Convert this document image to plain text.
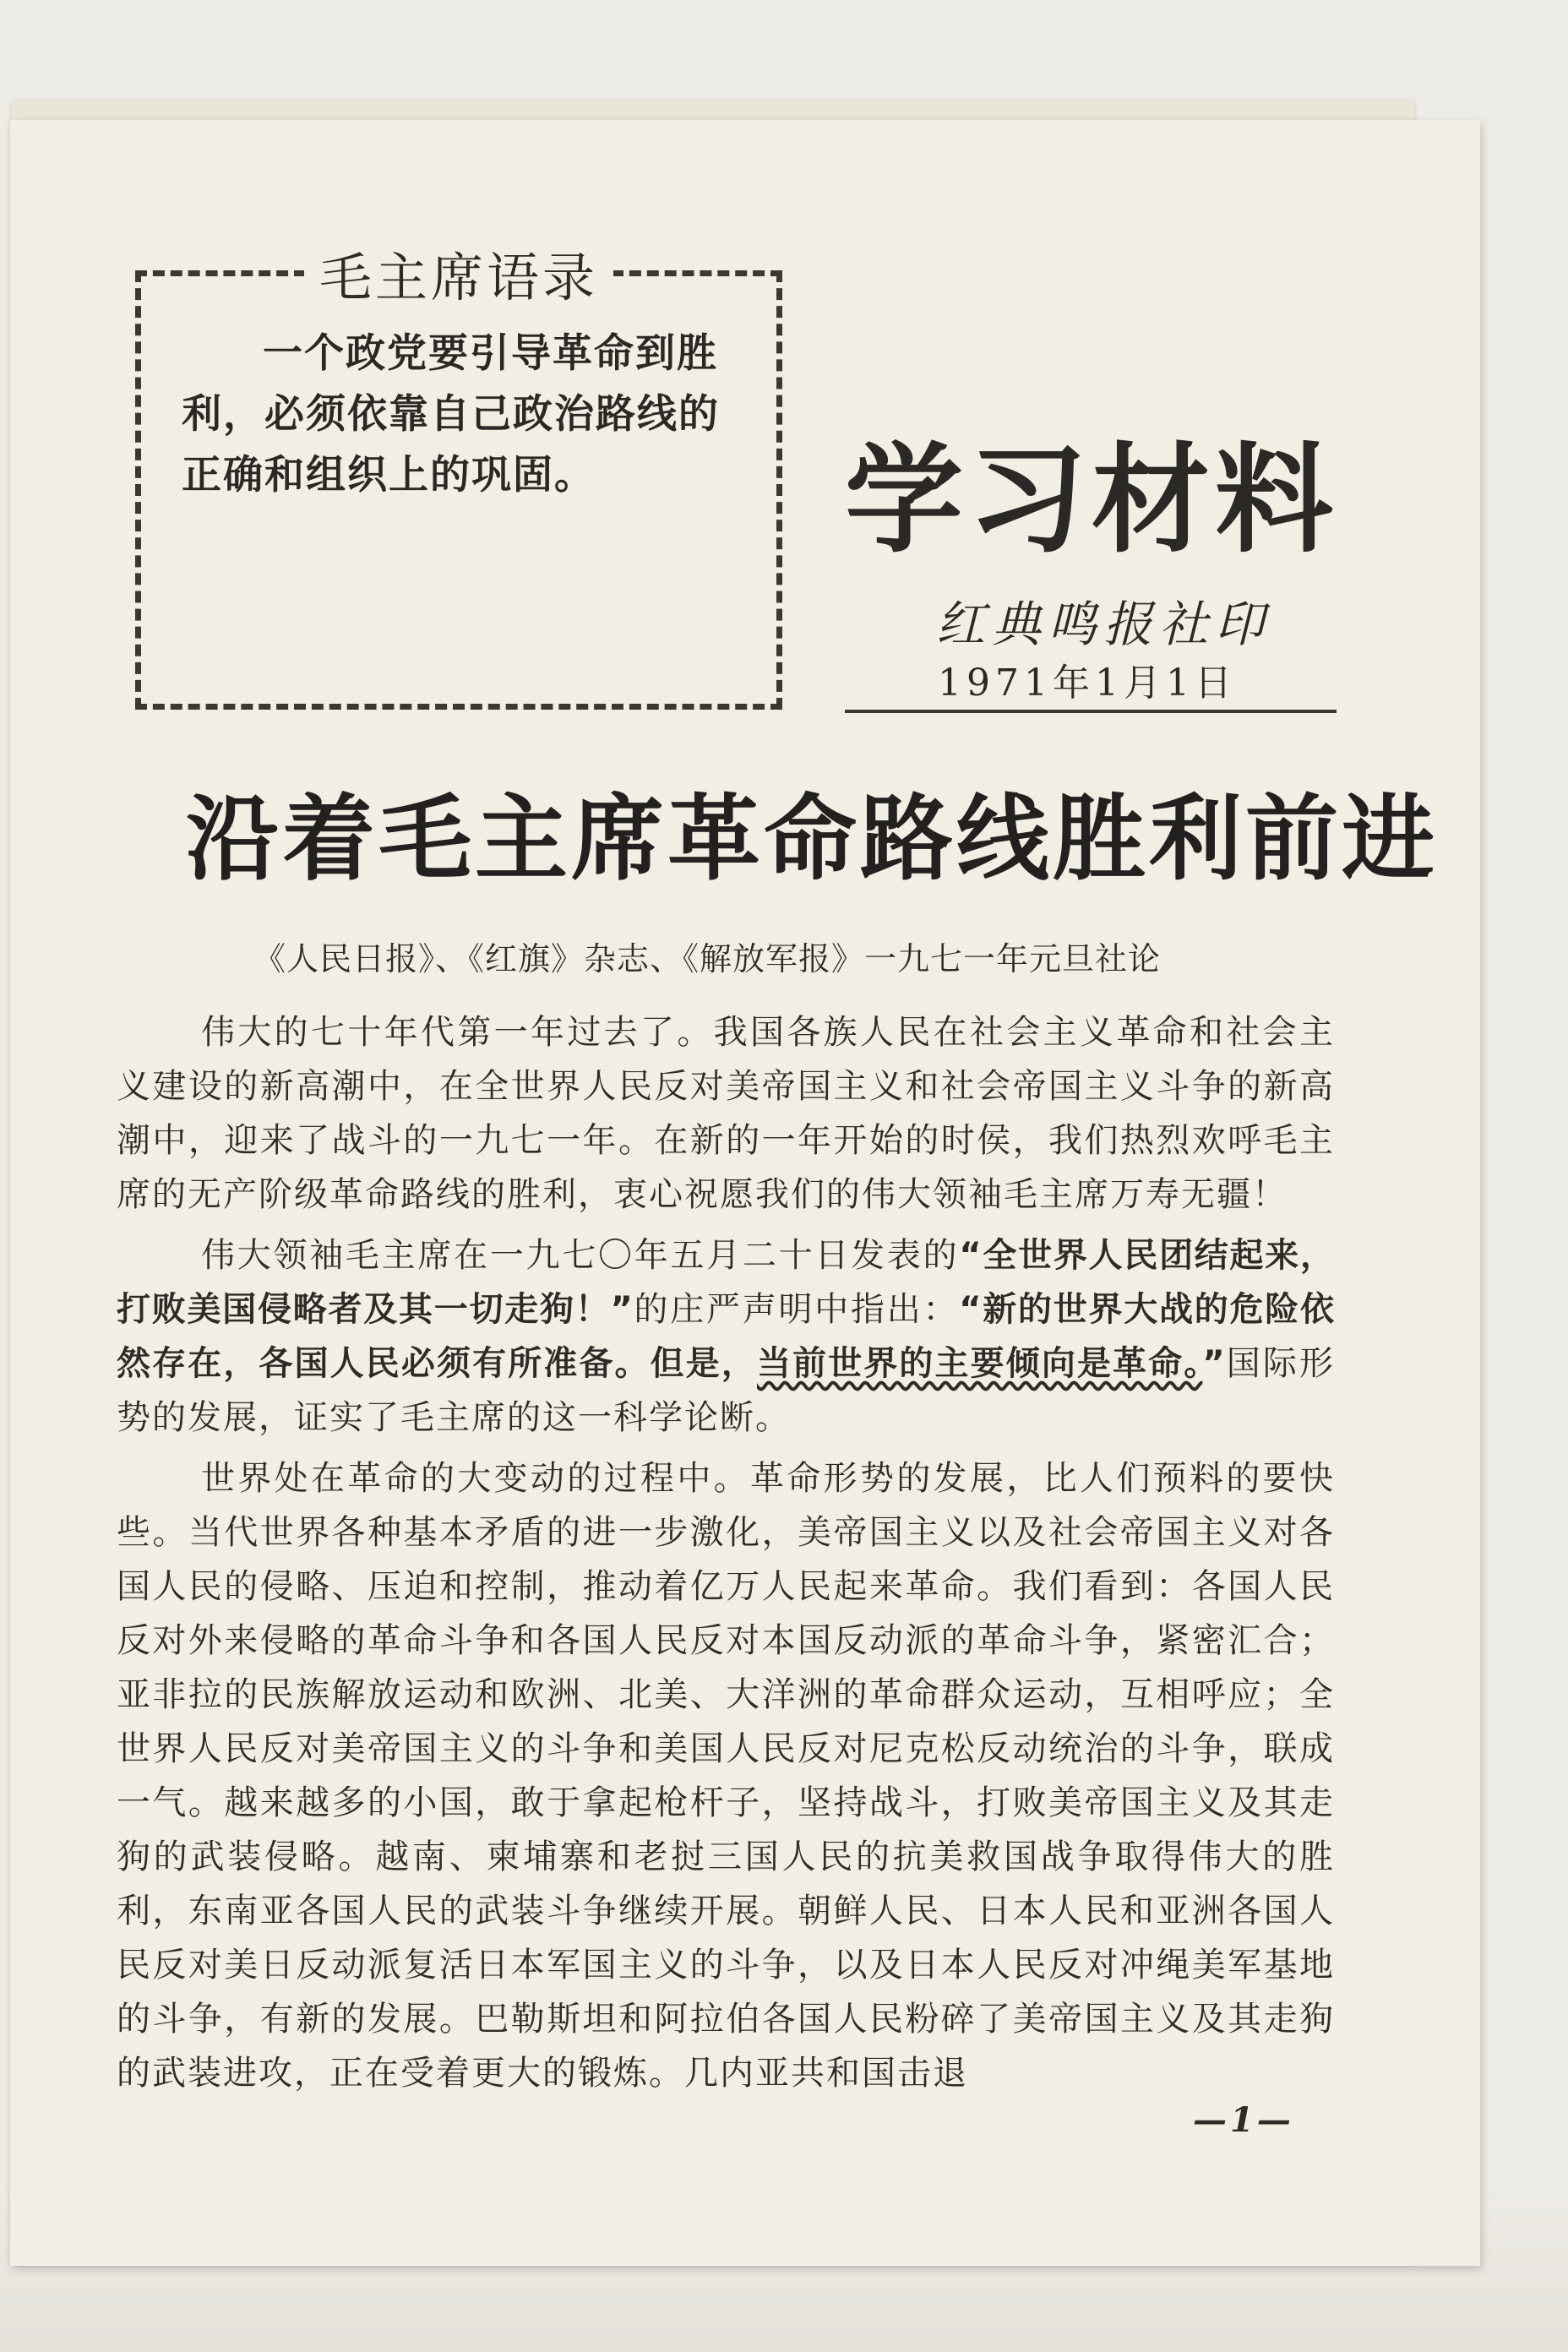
毛主席语录
一个政党要引导革命到胜利，必须依靠自己政治路线的正确和组织上的巩固。	学习材料
红典鸣报社印
1971年1月1日
沿着毛主席革命路线胜利前进
《人民日报》、《红旗》杂志、《解放军报》一九七一年元旦社论

伟大的七十年代第一年过去了。我国各族人民在社会主义革命和社会主义建设的新高潮中，在全世界人民反对美帝国主义和社会帝国主义斗争的新高潮中，迎来了战斗的一九七一年。在新的一年开始的时侯，我们热烈欢呼毛主席的无产阶级革命路线的胜利，衷心祝愿我们的伟大领袖毛主席万寿无疆！

伟大领袖毛主席在一九七〇年五月二十日发表的“全世界人民团结起来，打败美国侵略者及其一切走狗！”的庄严声明中指出：“新的世界大战的危险依然存在，各国人民必须有所准备。但是，当前世界的主要倾向是革命。”国际形势的发展，证实了毛主席的这一科学论断。

世界处在革命的大变动的过程中。革命形势的发展，比人们预料的要快些。当代世界各种基本矛盾的进一步激化，美帝国主义以及社会帝国主义对各国人民的侵略、压迫和控制，推动着亿万人民起来革命。我们看到：各国人民反对外来侵略的革命斗争和各国人民反对本国反动派的革命斗争，紧密汇合；亚非拉的民族解放运动和欧洲、北美、大洋洲的革命群众运动，互相呼应；全世界人民反对美帝国主义的斗争和美国人民反对尼克松反动统治的斗争，联成一气。越来越多的小国，敢于拿起枪杆子，坚持战斗，打败美帝国主义及其走狗的武装侵略。越南、柬埔寨和老挝三国人民的抗美救国战争取得伟大的胜利，东南亚各国人民的武装斗争继续开展。朝鲜人民、日本人民和亚洲各国人民反对美日反动派复活日本军国主义的斗争，以及日本人民反对冲绳美军基地的斗争，有新的发展。巴勒斯坦和阿拉伯各国人民粉碎了美帝国主义及其走狗的武装进攻，正在受着更大的锻炼。几内亚共和国击退

—1—
